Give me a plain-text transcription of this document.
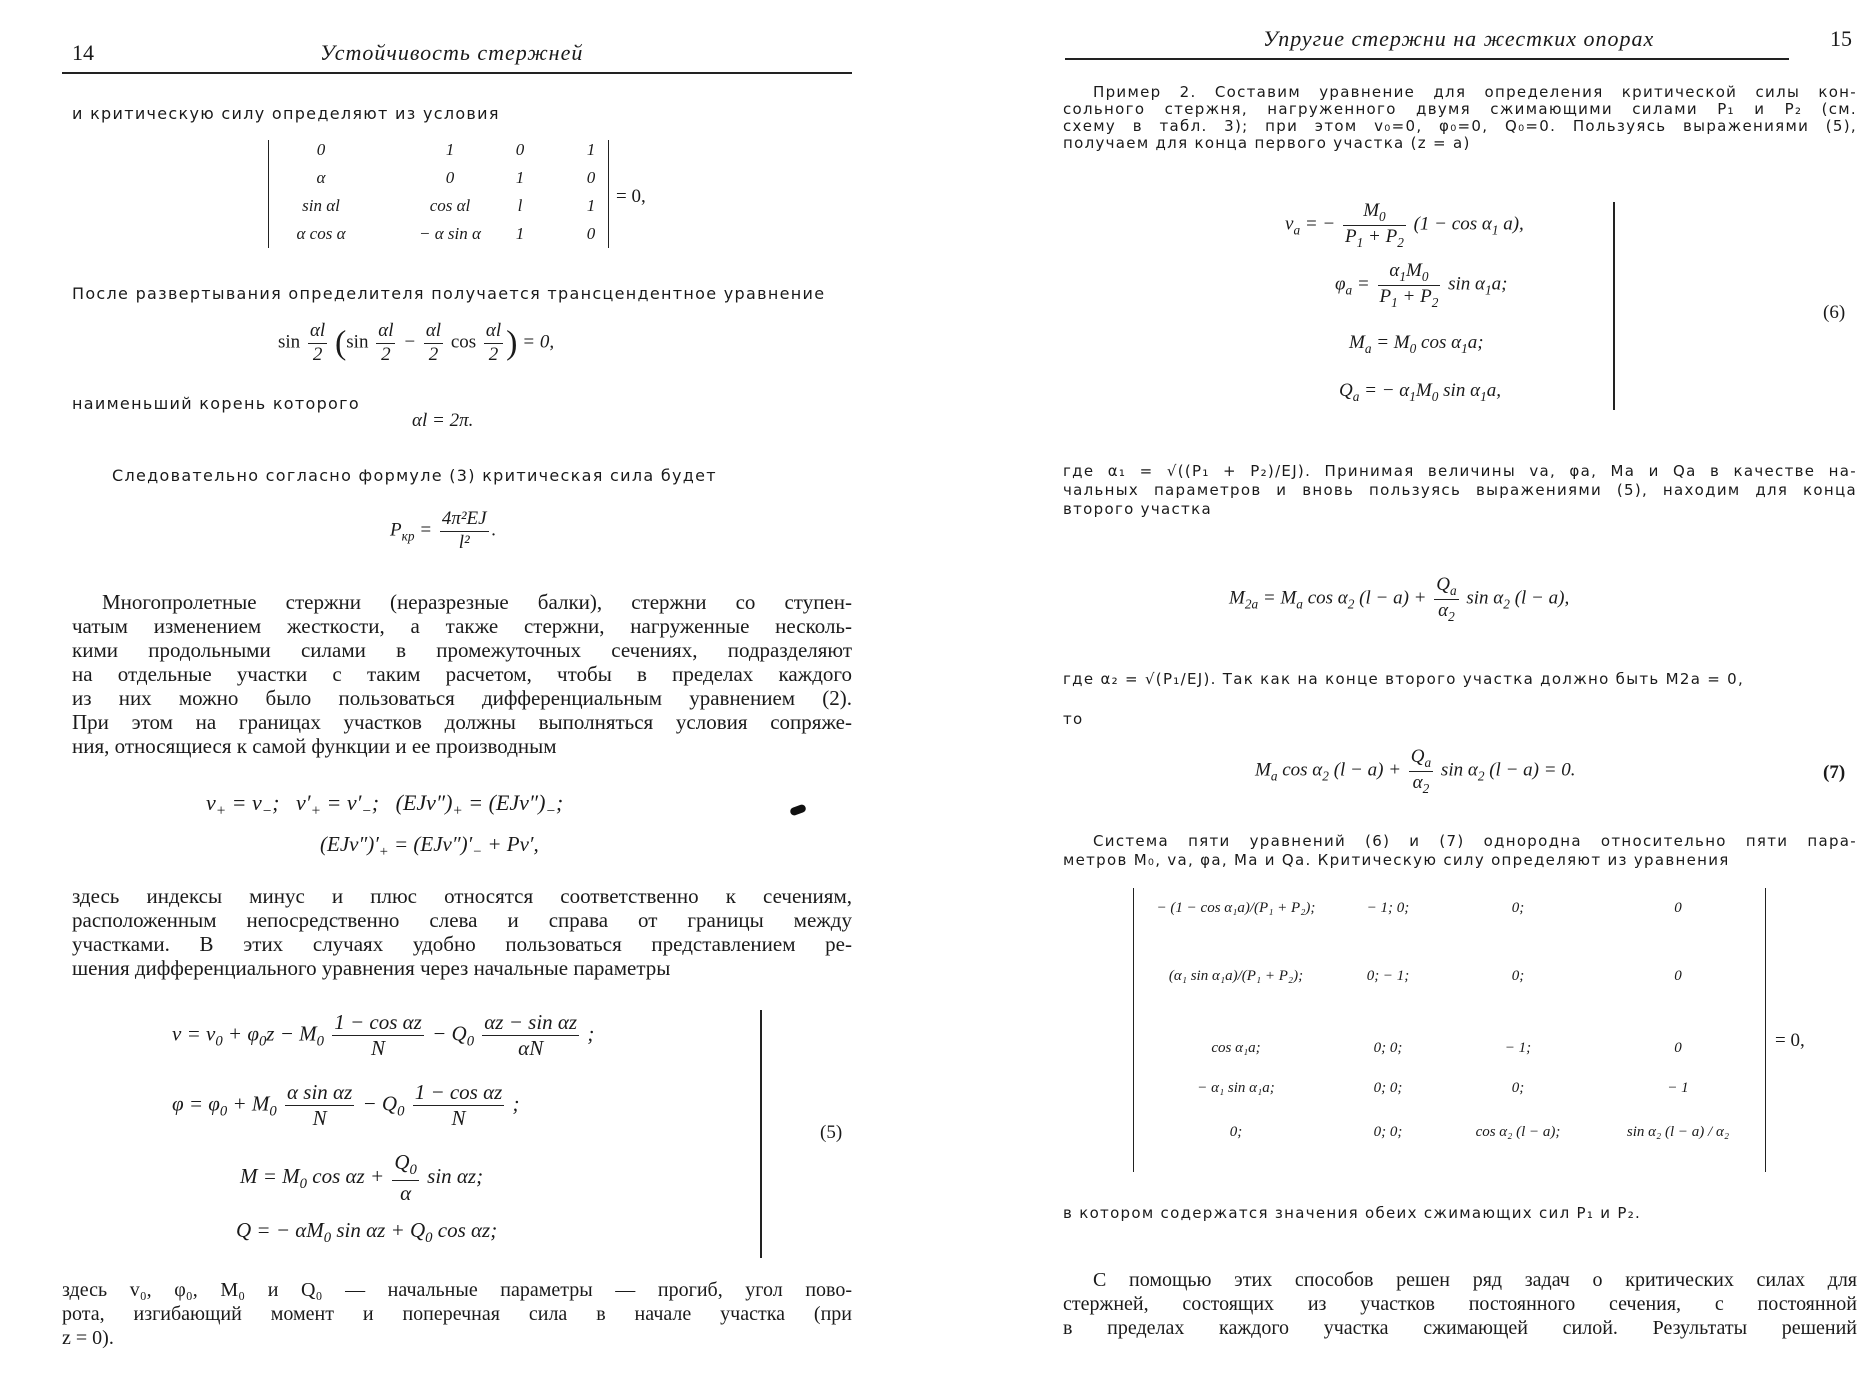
14	Устойчивость стержней
и критическую силу определяют из условия
0	1	0	1
α	0	1	0
sin αl	cos αl	l	1
α cos α	− α sin α	1	0
= 0,
После развертывания определителя получается трансцендентное уравнение
$\sin \frac{\alpha l}{2} (\sin \frac{\alpha l}{2} - \frac{\alpha l}{2}$ $\cos \frac{\alpha l}{2}$ ) = 0,
наименьший корень которого
αl = 2π.
Следовательно согласно формуле (3) критическая сила будет
$P_{кр} = \frac{\text{4π²EJ}}{\text{l²}}$ .
Многопролетные стержни (неразрезные балки), стержни со ступен-
чатым изменением жесткости, а также стержни, нагруженные несколь-
кими продольными силами в промежуточных сечениях, подразделяют
на отдельные участки с таким расчетом, чтобы в пределах каждого
из них можно было пользоваться дифференциальным уравнением (2).
При этом на границах участков должны выполняться условия сопряже-
ния, относящиеся к самой функции и ее производным
$v_+ = v_-$;   $v'_+ = v'_-$;   $(EJv'')_+ = (EJv'')_-$;
$(EJv'')'_+ = (EJv'')'_- + Pv'$,
здесь индексы минус и плюс относятся соответственно к сечениям,
расположенным непосредственно слева и справа от границы между
участками. В этих случаях удобно пользоваться представлением ре-
шения дифференциального уравнения через начальные параметры
$v = v_0 + \varphi_0z - M_0 \frac{\text{1 − cos αz}}{N} - Q_0 \frac{\text{αz − sin αz}}{\alpha N}$ ;
$\varphi = \varphi_0 + M_0 \frac{\text{α sin αz}}{N} - Q_0 \frac{\text{1 − cos αz}}{N}$ ;
$M = M_0$ $\cos \alpha z + \frac{Q_0}{\alpha}$ sin αz;
Q = − $\alpha M_0$ $\sin \alpha z + Q_0$ cos αz;
(5)
здесь v₀, φ₀, M₀ и Q₀ — начальные параметры — прогиб, угол пово-
рота, изгибающий момент и поперечная сила в начале участка (при
z = 0).
Упругие стержни на жестких опорах	15
Пример 2. Составим уравнение для определения критической силы кон-
сольного стержня, нагруженного двумя сжимающими силами P₁ и P₂ (см.
схему в табл. 3); при этом v₀=0, φ₀=0, Q₀=0. Пользуясь выражениями (5),
получаем для конца первого участка (z = a)
$v_a$ = − $\frac{M_0}{P_1 + P_2} (1 - \cos \alpha_1$ a),
$\varphi_a = \frac{\alpha_1M_0}{P_1 + P_2}$ $\sin \alpha_1a$;
$M_a = M_0$ $\cos \alpha_1a$;
$Q_a$ = − $\alpha_1M_0$ $\sin \alpha_1a$,
(6)
где α₁ = √((P₁ + P₂)/EJ). Принимая величины va, φa, Ma и Qa в качестве на-
чальных параметров и вновь пользуясь выражениями (5), находим для конца
второго участка
$M_{2a} = M_a$ $\cos \alpha_2$ $(l - a) + \frac{Q_a}{\alpha_2}$ $\sin \alpha_2$ (l − a),
где α₂ = √(P₁/EJ). Так как на конце второго участка должно быть M2a = 0,
то
$M_a$ $\cos \alpha_2$ $(l - a) + \frac{Q_a}{\alpha_2}$ $\sin \alpha_2$ (l − a) = 0.	(7)
Система пяти уравнений (6) и (7) однородна относительно пяти пара-
метров M₀, va, φa, Ma и Qa. Критическую силу определяют из уравнения
− (1 − cos α₁a)/(P₁ + P₂);	− 1; 0;	0;	0
(α₁ sin α₁a)/(P₁ + P₂);	0; − 1;	0;	0
cos α₁a;	0; 0;	− 1;	0
− α₁ sin α₁a;	0; 0;	0;	− 1
0;	0; 0;	cos α₂ (l − a);	sin α₂ (l − a) / α₂
= 0,
в котором содержатся значения обеих сжимающих сил P₁ и P₂.
С помощью этих способов решен ряд задач о критических силах для
стержней, состоящих из участков постоянного сечения, с постоянной
в пределах каждого участка сжимающей силой. Результаты решений
